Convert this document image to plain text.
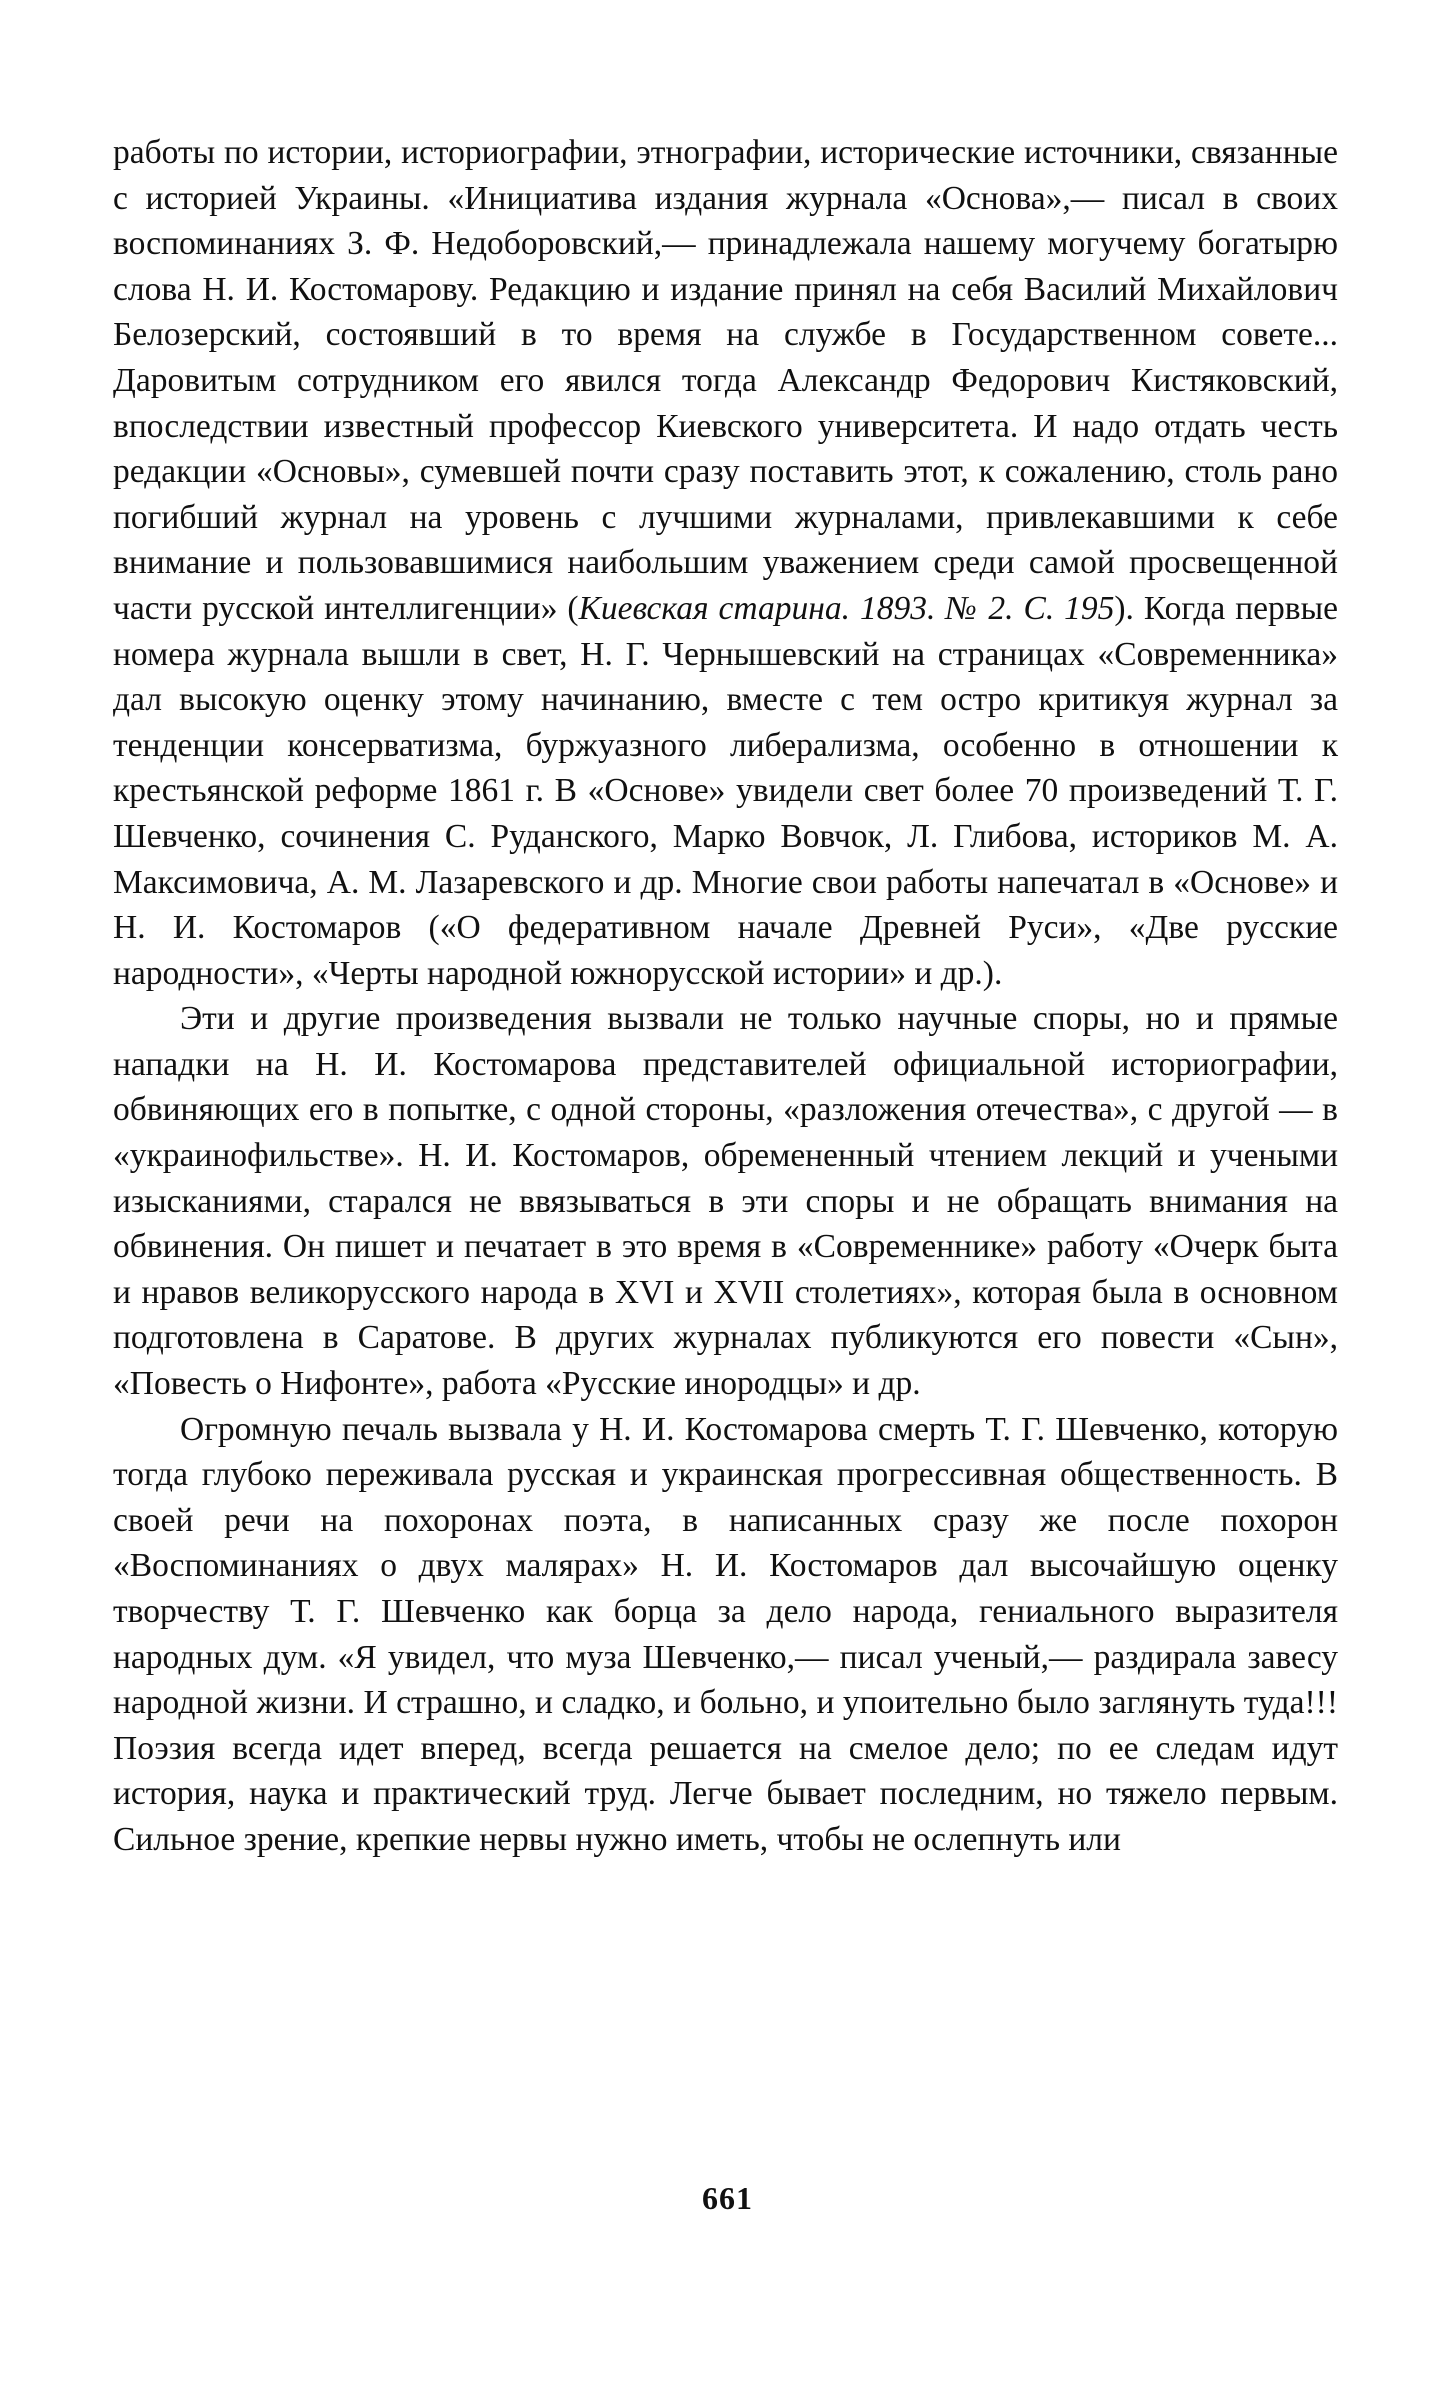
работы по истории, историографии, этнографии, исторические источники, связанные с историей Украины. «Инициатива издания журнала «Основа»,— писал в своих воспоминаниях З. Ф. Недоборовский,— принадлежала нашему могучему богатырю слова Н. И. Костомарову. Редакцию и издание принял на себя Василий Михайлович Белозерский, состоявший в то время на службе в Государственном совете... Даровитым сотрудником его явился тогда Александр Федорович Кистяковский, впоследствии известный профессор Киевского университета. И надо отдать честь редакции «Основы», сумевшей почти сразу поставить этот, к сожалению, столь рано погибший журнал на уровень с лучшими журналами, привлекавшими к себе внимание и пользовавшимися наибольшим уважением среди самой просвещенной части русской интеллигенции» (Киевская старина. 1893. № 2. С. 195). Когда первые номера журнала вышли в свет, Н. Г. Чернышевский на страницах «Современника» дал высокую оценку этому начинанию, вместе с тем остро критикуя журнал за тенденции консерватизма, буржуазного либерализма, особенно в отношении к крестьянской реформе 1861 г. В «Основе» увидели свет более 70 произведений Т. Г. Шевченко, сочинения С. Руданского, Марко Вовчок, Л. Глибова, историков М. А. Максимовича, А. М. Лазаревского и др. Многие свои работы напечатал в «Основе» и Н. И. Костомаров («О федеративном начале Древней Руси», «Две русские народности», «Черты народной южнорусской истории» и др.).

Эти и другие произведения вызвали не только научные споры, но и прямые нападки на Н. И. Костомарова представителей официальной историографии, обвиняющих его в попытке, с одной стороны, «разложения отечества», с другой — в «украинофильстве». Н. И. Костомаров, обремененный чтением лекций и учеными изысканиями, старался не ввязываться в эти споры и не обращать внимания на обвинения. Он пишет и печатает в это время в «Современнике» работу «Очерк быта и нравов великорусского народа в XVI и XVII столетиях», которая была в основном подготовлена в Саратове. В других журналах публикуются его повести «Сын», «Повесть о Нифонте», работа «Русские инородцы» и др.

Огромную печаль вызвала у Н. И. Костомарова смерть Т. Г. Шевченко, которую тогда глубоко переживала русская и украинская прогрессивная общественность. В своей речи на похоронах поэта, в написанных сразу же после похорон «Воспоминаниях о двух малярах» Н. И. Костомаров дал высочайшую оценку творчеству Т. Г. Шевченко как борца за дело народа, гениального выразителя народных дум. «Я увидел, что муза Шевченко,— писал ученый,— раздирала завесу народной жизни. И страшно, и сладко, и больно, и упоительно было заглянуть туда!!! Поэзия всегда идет вперед, всегда решается на смелое дело; по ее следам идут история, наука и практический труд. Легче бывает последним, но тяжело первым. Сильное зрение, крепкие нервы нужно иметь, чтобы не ослепнуть или

661
